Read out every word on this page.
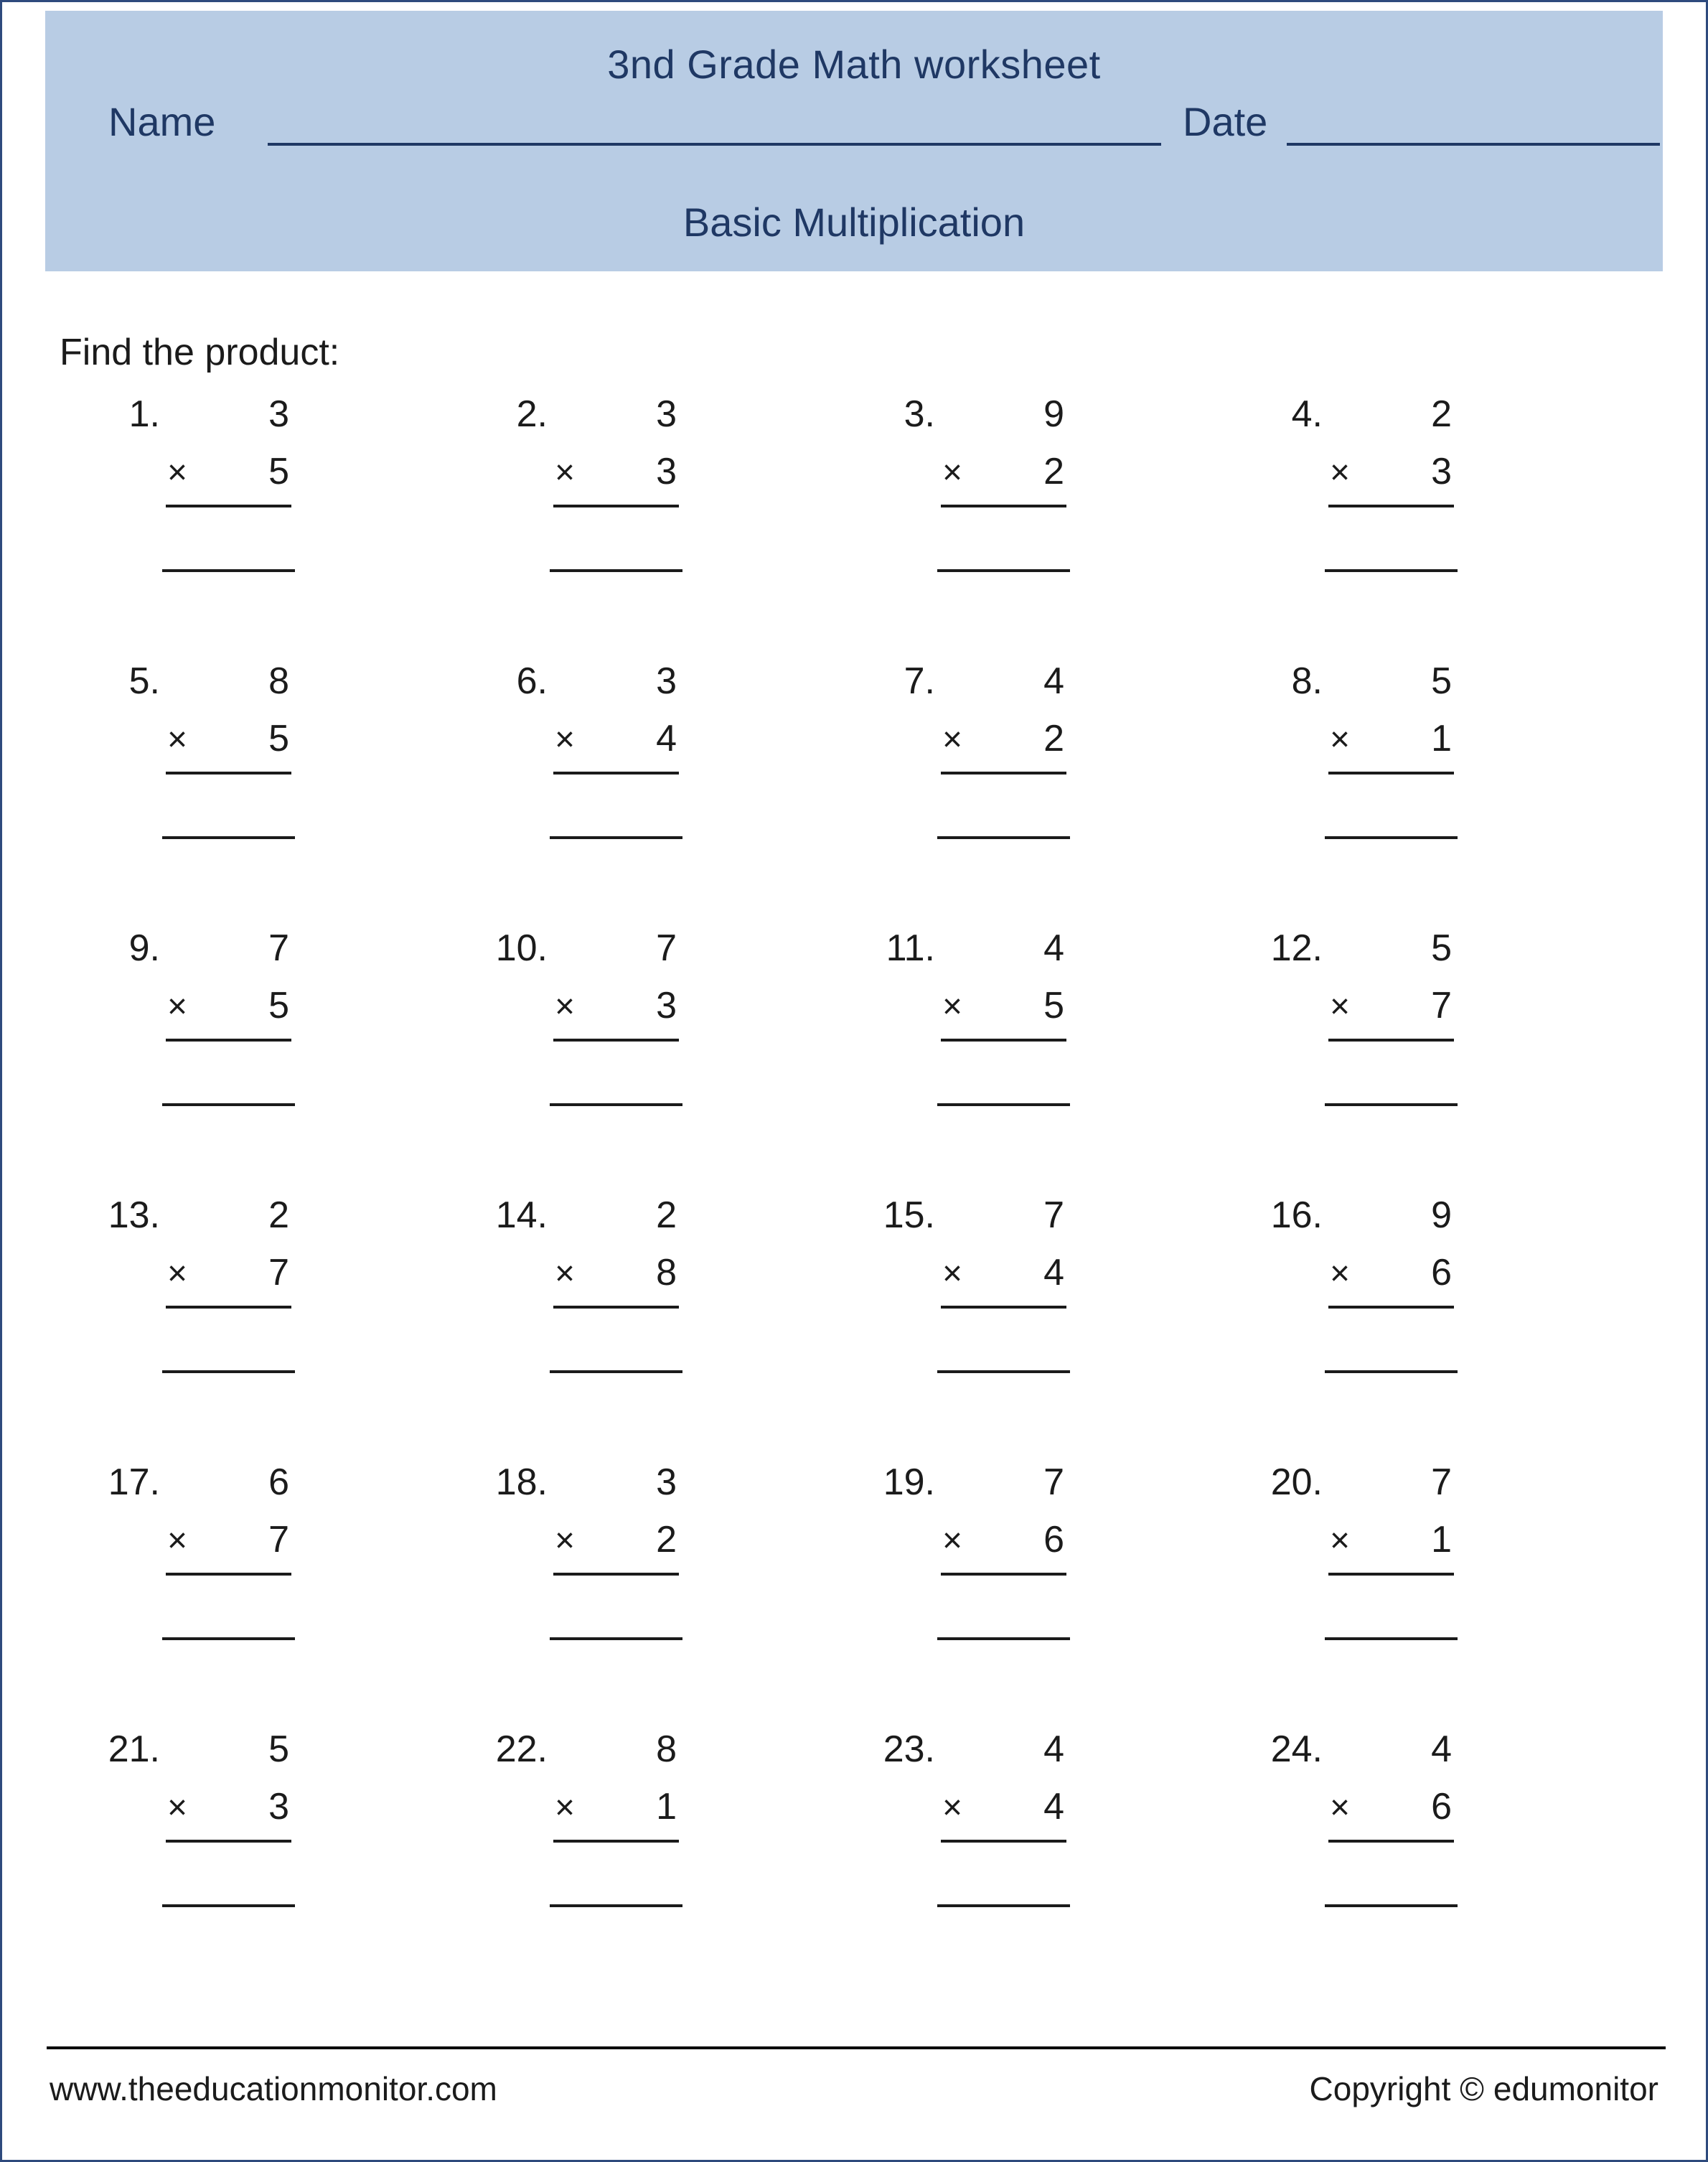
3nd Grade Math worksheet
Name	Date
Basic Multiplication
Find the product:
1.	3
×	5
2.	3
×	3
3.	9
×	2
4.	2
×	3
5.	8
×	5
6.	3
×	4
7.	4
×	2
8.	5
×	1
9.	7
×	5
10.	7
×	3
11.	4
×	5
12.	5
×	7
13.	2
×	7
14.	2
×	8
15.	7
×	4
16.	9
×	6
17.	6
×	7
18.	3
×	2
19.	7
×	6
20.	7
×	1
21.	5
×	3
22.	8
×	1
23.	4
×	4
24.	4
×	6
www.theeducationmonitor.com	Copyright © edumonitor
